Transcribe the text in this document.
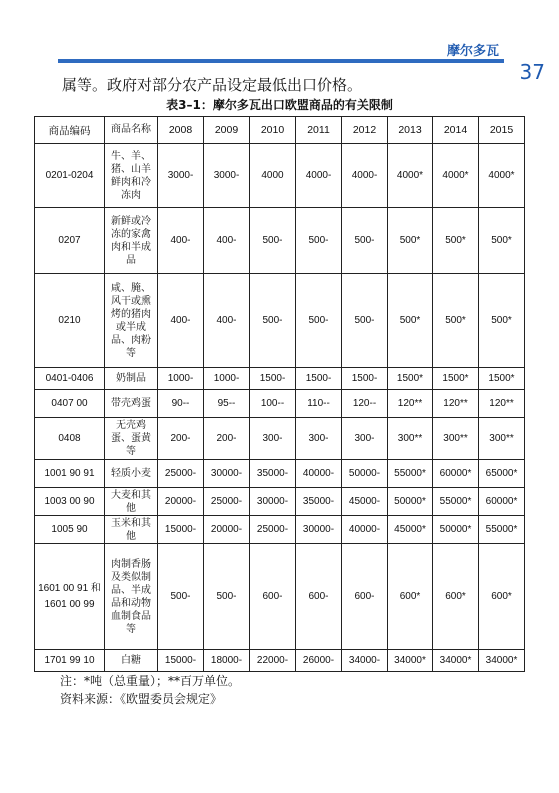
摩尔多瓦
37
属等。政府对部分农产品设定最低出口价格。
表3–1：摩尔多瓦出口欧盟商品的有关限制
商品编码	商品名称	2008	2009	2010	2011	2012	2013	2014	2015
0201-0204	牛、羊、猪、山羊鲜肉和冷冻肉	3000-	3000-	4000	4000-	4000-	4000*	4000*	4000*
0207	新鲜或冷冻的家禽肉和半成品	400-	400-	500-	500-	500-	500*	500*	500*
0210	咸、腌、风干或熏烤的猪肉或半成品、肉粉等	400-	400-	500-	500-	500-	500*	500*	500*
0401-0406	奶制品	1000-	1000-	1500-	1500-	1500-	1500*	1500*	1500*
0407 00	带壳鸡蛋	90--	95--	100--	110--	120--	120**	120**	120**
0408	无壳鸡蛋、蛋黄等	200-	200-	300-	300-	300-	300**	300**	300**
1001 90 91	轻质小麦	25000-	30000-	35000-	40000-	50000-	55000*	60000*	65000*
1003 00 90	大麦和其他	20000-	25000-	30000-	35000-	45000-	50000*	55000*	60000*
1005 90	玉米和其他	15000-	20000-	25000-	30000-	40000-	45000*	50000*	55000*
1601 00 91 和1601 00 99	肉制香肠及类似制品、半成品和动物血制食品等	500-	500-	600-	600-	600-	600*	600*	600*
1701 99 10	白糖	15000-	18000-	22000-	26000-	34000-	34000*	34000*	34000*
注：*吨（总重量）；**百万单位。
资料来源：《欧盟委员会规定》
